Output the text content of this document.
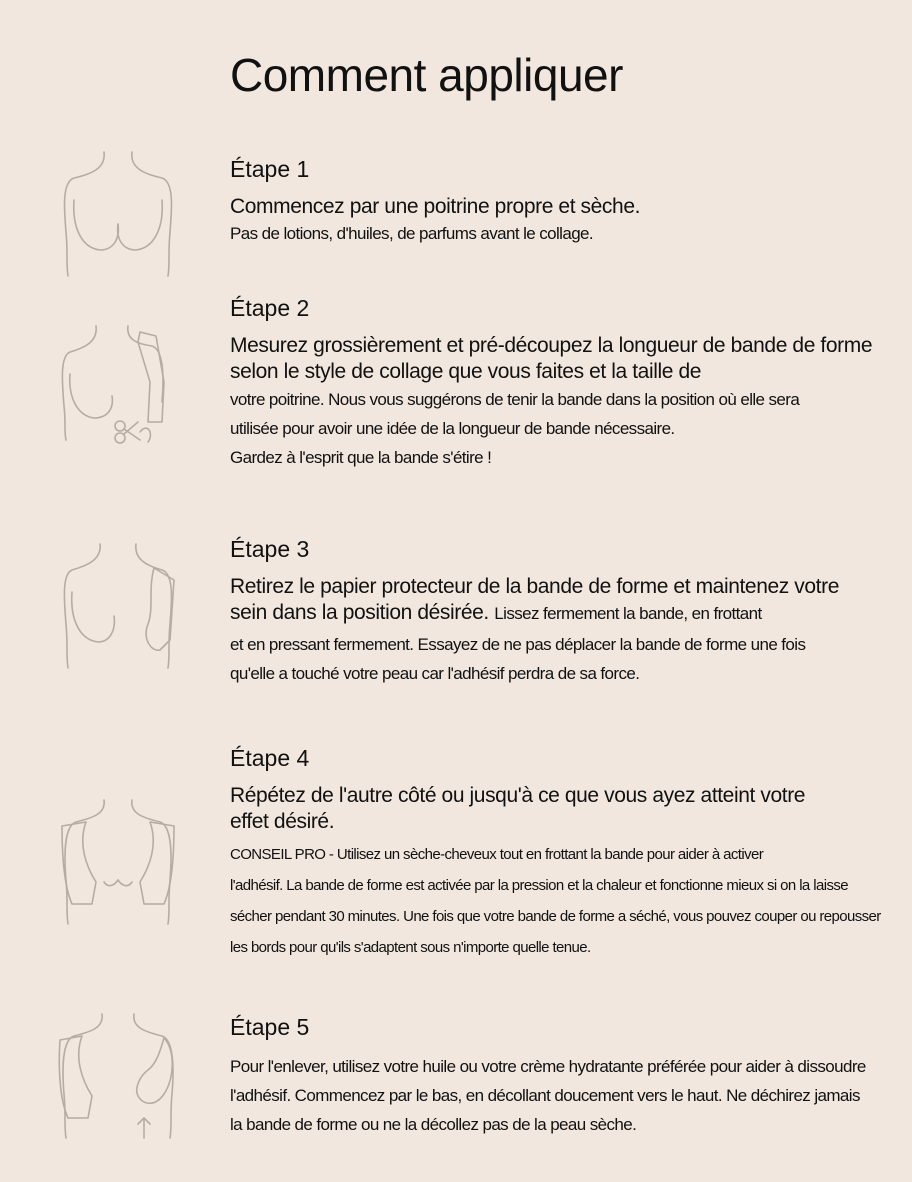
Comment appliquer
Étape 1
Commencez par une poitrine propre et sèche.
Pas de lotions, d'huiles, de parfums avant le collage.
Étape 2
Mesurez grossièrement et pré-découpez la longueur de bande de forme
selon le style de collage que vous faites et la taille de
votre poitrine. Nous vous suggérons de tenir la bande dans la position où elle sera
utilisée pour avoir une idée de la longueur de bande nécessaire.
Gardez à l'esprit que la bande s'étire !
Étape 3
Retirez le papier protecteur de la bande de forme et maintenez votre
sein dans la position désirée. Lissez fermement la bande, en frottant
et en pressant fermement. Essayez de ne pas déplacer la bande de forme une fois
qu'elle a touché votre peau car l'adhésif perdra de sa force.
Étape 4
Répétez de l'autre côté ou jusqu'à ce que vous ayez atteint votre
effet désiré.
CONSEIL PRO - Utilisez un sèche-cheveux tout en frottant la bande pour aider à activer
l'adhésif. La bande de forme est activée par la pression et la chaleur et fonctionne mieux si on la laisse
sécher pendant 30 minutes. Une fois que votre bande de forme a séché, vous pouvez couper ou repousser
les bords pour qu'ils s'adaptent sous n'importe quelle tenue.
Étape 5
Pour l'enlever, utilisez votre huile ou votre crème hydratante préférée pour aider à dissoudre
l'adhésif. Commencez par le bas, en décollant doucement vers le haut. Ne déchirez jamais
la bande de forme ou ne la décollez pas de la peau sèche.
